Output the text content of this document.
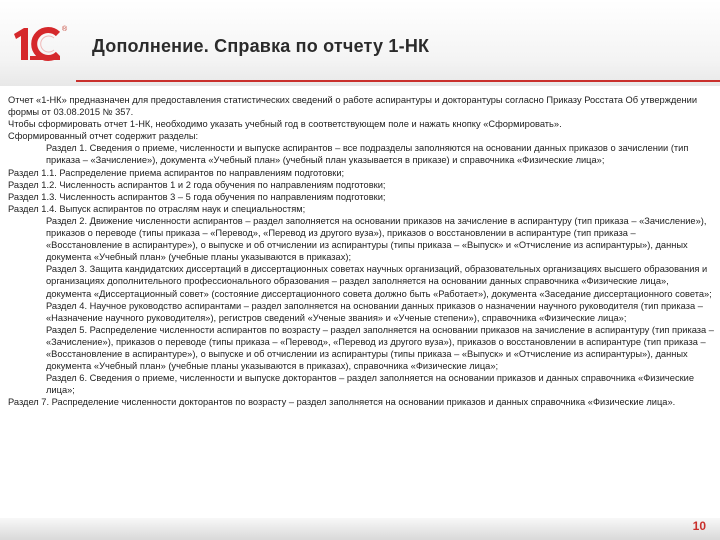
®
Дополнение. Справка по отчету 1-НК

Отчет «1-НК» предназначен для предоставления статистических сведений о работе аспирантуры и докторантуры согласно Приказу Росстата Об утверждении формы от 03.08.2015 № 357.

Чтобы сформировать отчет 1-НК, необходимо указать учебный год в соответствующем поле и нажать кнопку «Сформировать».

Сформированный отчет содержит разделы:

Раздел 1. Сведения о приеме, численности и выпуске аспирантов – все подразделы заполняются на основании данных приказов о зачислении (тип приказа – «Зачисление»), документа «Учебный план» (учебный план указывается в приказе) и справочника «Физические лица»;

Раздел 1.1. Распределение приема аспирантов по направлениям подготовки;

Раздел 1.2. Численность аспирантов 1 и 2 года обучения по направлениям подготовки;

Раздел 1.3. Численность аспирантов 3 – 5 года обучения по направлениям подготовки;

Раздел 1.4. Выпуск аспирантов по отраслям наук и специальностям;

Раздел 2. Движение численности аспирантов – раздел заполняется на основании приказов на зачисление в аспирантуру (тип приказа – «Зачисление»), приказов о переводе (типы приказа – «Перевод», «Перевод из другого вуза»), приказов о восстановлении в аспирантуре (тип приказа – «Восстановление в аспирантуре»), о выпуске и об отчислении из аспирантуры (типы приказа – «Выпуск» и «Отчисление из аспирантуры»), данных документа «Учебный план» (учебные планы указываются в приказах);

Раздел 3. Защита кандидатских диссертаций в диссертационных советах научных организаций, образовательных организациях высшего образования и организациях дополнительного профессионального образования – раздел заполняется на основании данных справочника «Физические лица», документа «Диссертационный совет» (состояние диссертационного совета должно быть «Работает»), документа «Заседание диссертационного совета»;

Раздел 4. Научное руководство аспирантами – раздел заполняется на основании данных приказов о назначении научного руководителя (тип приказа – «Назначение научного руководителя»), регистров сведений «Ученые звания» и «Ученые степени»), справочника «Физические лица»;

Раздел 5. Распределение численности аспирантов по возрасту – раздел заполняется на основании приказов на зачисление в аспирантуру (тип приказа – «Зачисление»), приказов о переводе (типы приказа – «Перевод», «Перевод из другого вуза»), приказов о восстановлении в аспирантуре (тип приказа – «Восстановление в аспирантуре»), о выпуске и об отчислении из аспирантуры (типы приказа – «Выпуск» и «Отчисление из аспирантуры»), данных документа «Учебный план» (учебные планы указываются в приказах), справочника «Физические лица»;

Раздел 6. Сведения о приеме, численности и выпуске докторантов – раздел заполняется на основании приказов и данных справочника «Физические лица»;

Раздел 7. Распределение численности докторантов по возрасту – раздел заполняется на основании приказов и данных справочника «Физические лица».

10
